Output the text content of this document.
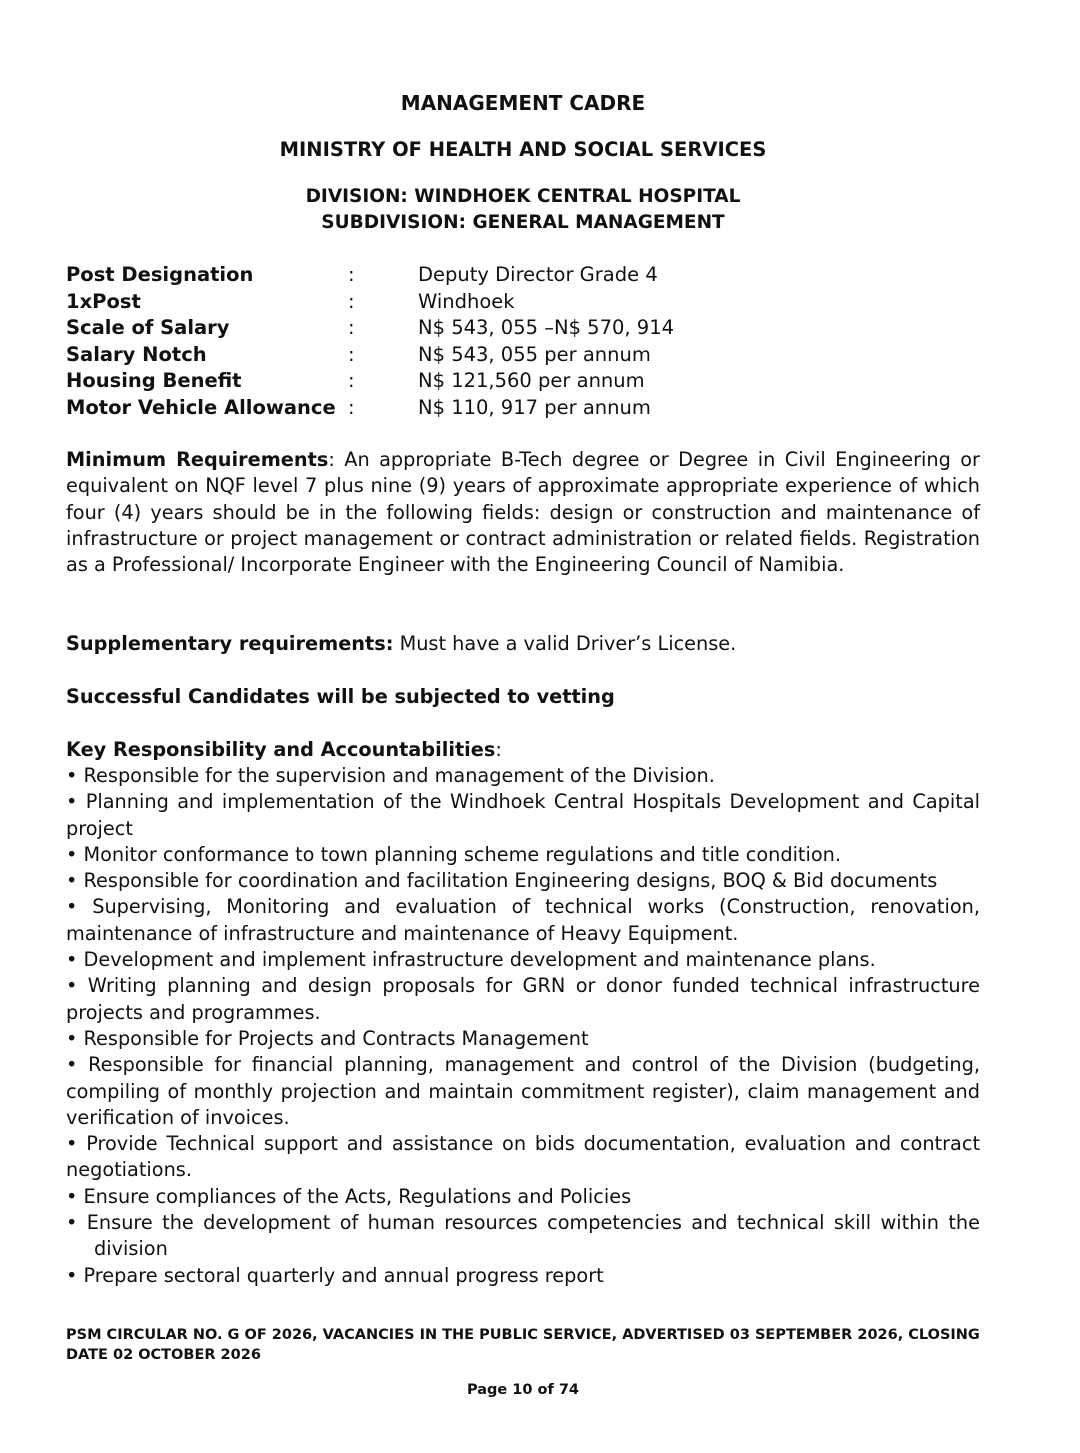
MANAGEMENT CADRE
MINISTRY OF HEALTH AND SOCIAL SERVICES
DIVISION: WINDHOEK CENTRAL HOSPITAL
SUBDIVISION: GENERAL MANAGEMENT
Post Designation	:	Deputy Director Grade 4
1xPost	:	Windhoek
Scale of Salary	:	N$ 543, 055 –N$ 570, 914
Salary Notch	:	N$ 543, 055 per annum
Housing Benefit	:	N$ 121,560 per annum
Motor Vehicle Allowance :	N$ 110, 917 per annum
Minimum Requirements: An appropriate B-Tech degree or Degree in Civil Engineering or equivalent on NQF level 7 plus nine (9) years of approximate appropriate experience of which four (4) years should be in the following fields: design or construction and maintenance of infrastructure or project management or contract administration or related fields. Registration as a Professional/ Incorporate Engineer with the Engineering Council of Namibia.
Supplementary requirements: Must have a valid Driver’s License.
Successful Candidates will be subjected to vetting
Key Responsibility and Accountabilities:
• Responsible for the supervision and management of the Division.
• Planning and implementation of the Windhoek Central Hospitals Development and Capital project
• Monitor conformance to town planning scheme regulations and title condition.
• Responsible for coordination and facilitation Engineering designs, BOQ & Bid documents
• Supervising, Monitoring and evaluation of technical works (Construction, renovation, maintenance of infrastructure and maintenance of Heavy Equipment.
• Development and implement infrastructure development and maintenance plans.
• Writing planning and design proposals for GRN or donor funded technical infrastructure projects and programmes.
• Responsible for Projects and Contracts Management
• Responsible for financial planning, management and control of the Division (budgeting, compiling of monthly projection and maintain commitment register), claim management and verification of invoices.
• Provide Technical support and assistance on bids documentation, evaluation and contract negotiations.
• Ensure compliances of the Acts, Regulations and Policies
• Ensure the development of human resources competencies and technical skill within the division
• Prepare sectoral quarterly and annual progress report
PSM CIRCULAR NO. G OF 2026, VACANCIES IN THE PUBLIC SERVICE, ADVERTISED 03 SEPTEMBER 2026, CLOSING DATE 02 OCTOBER 2026
Page 10 of 74
